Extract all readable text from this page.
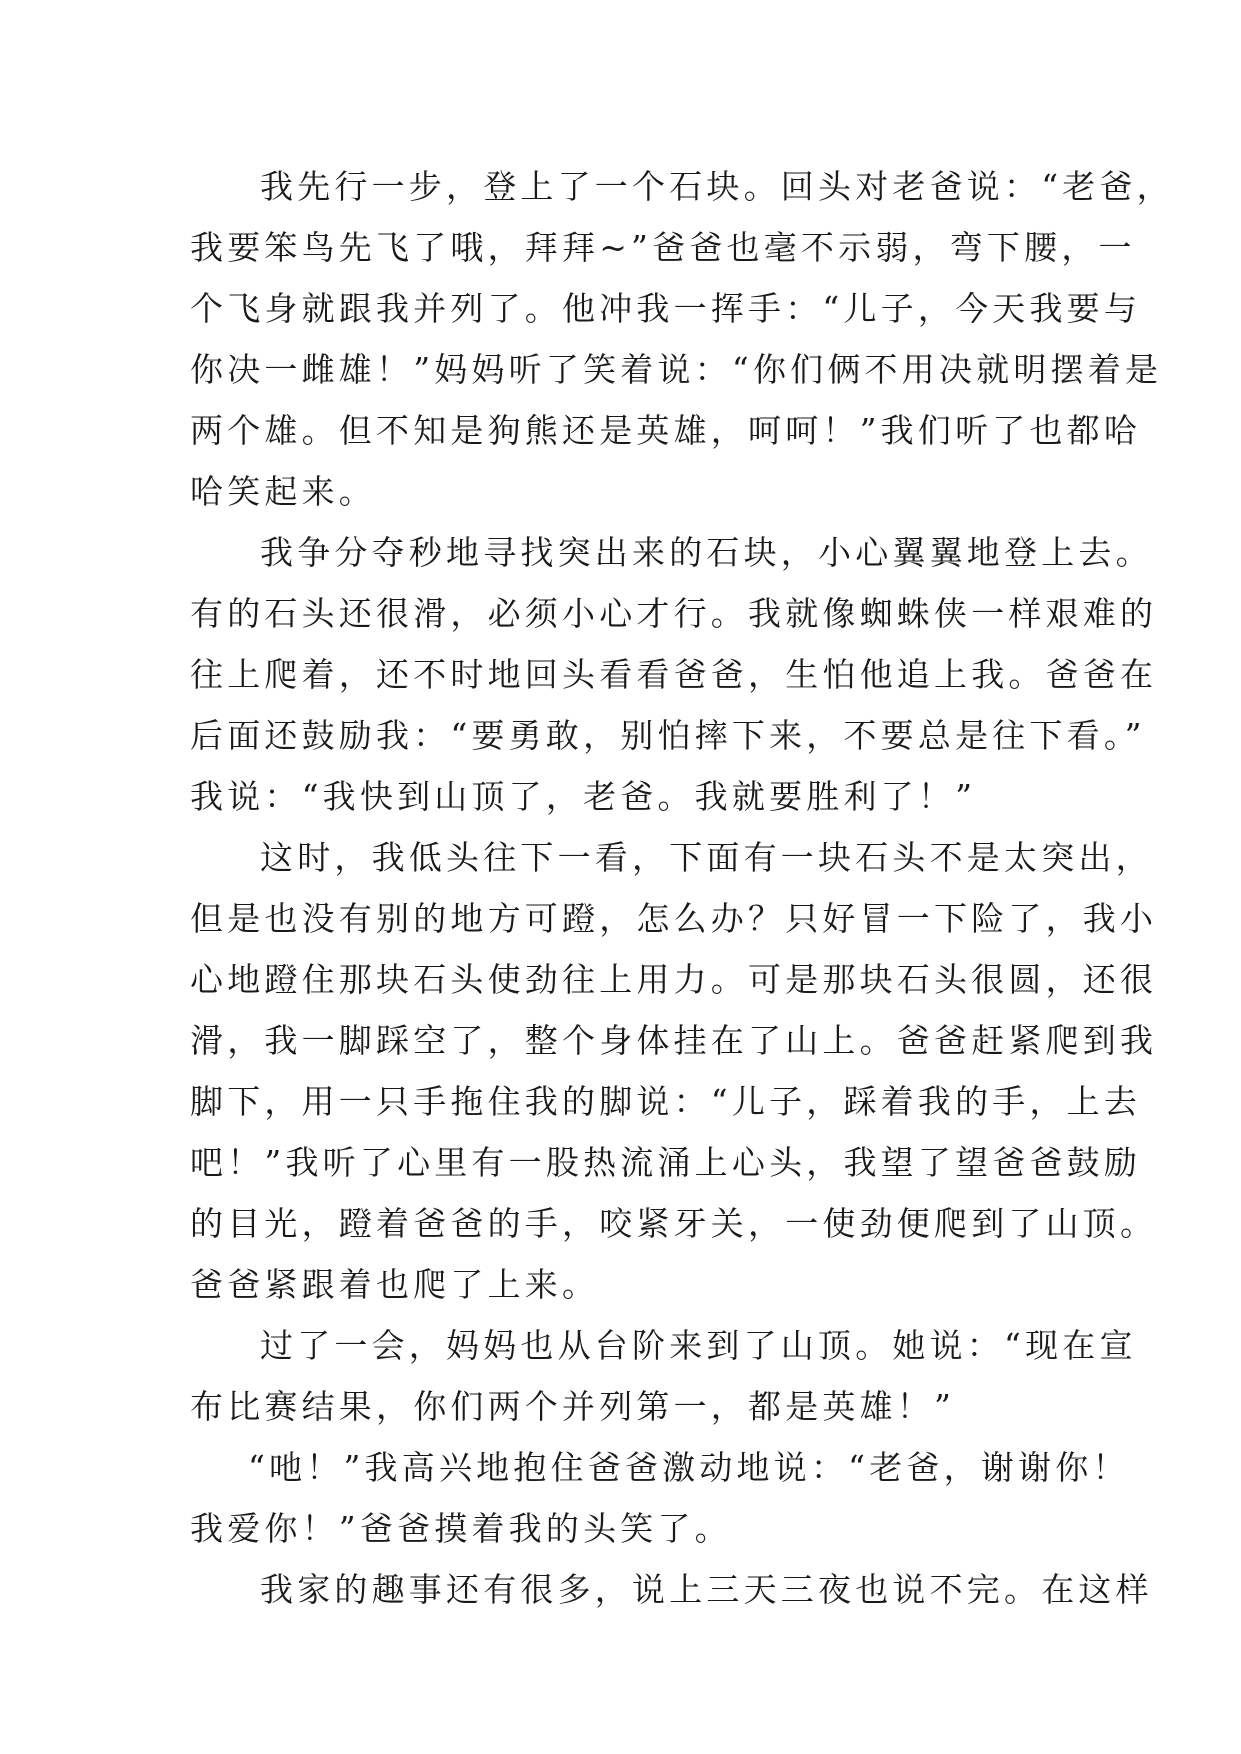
我先行一步，登上了一个石块。回头对老爸说：“老爸，
我要笨鸟先飞了哦，拜拜~”爸爸也毫不示弱，弯下腰，一
个飞身就跟我并列了。他冲我一挥手：“儿子，今天我要与
你决一雌雄！”妈妈听了笑着说：“你们俩不用决就明摆着是
两个雄。但不知是狗熊还是英雄，呵呵！”我们听了也都哈
哈笑起来。
我争分夺秒地寻找突出来的石块，小心翼翼地登上去。
有的石头还很滑，必须小心才行。我就像蜘蛛侠一样艰难的
往上爬着，还不时地回头看看爸爸，生怕他追上我。爸爸在
后面还鼓励我：“要勇敢，别怕摔下来，不要总是往下看。”
我说：“我快到山顶了，老爸。我就要胜利了！”
这时，我低头往下一看，下面有一块石头不是太突出，
但是也没有别的地方可蹬，怎么办？只好冒一下险了，我小
心地蹬住那块石头使劲往上用力。可是那块石头很圆，还很
滑，我一脚踩空了，整个身体挂在了山上。爸爸赶紧爬到我
脚下，用一只手拖住我的脚说：“儿子，踩着我的手，上去
吧！”我听了心里有一股热流涌上心头，我望了望爸爸鼓励
的目光，蹬着爸爸的手，咬紧牙关，一使劲便爬到了山顶。
爸爸紧跟着也爬了上来。
过了一会，妈妈也从台阶来到了山顶。她说：“现在宣
布比赛结果，你们两个并列第一，都是英雄！”
“吔！”我高兴地抱住爸爸激动地说：“老爸，谢谢你！
我爱你！”爸爸摸着我的头笑了。
我家的趣事还有很多，说上三天三夜也说不完。在这样
